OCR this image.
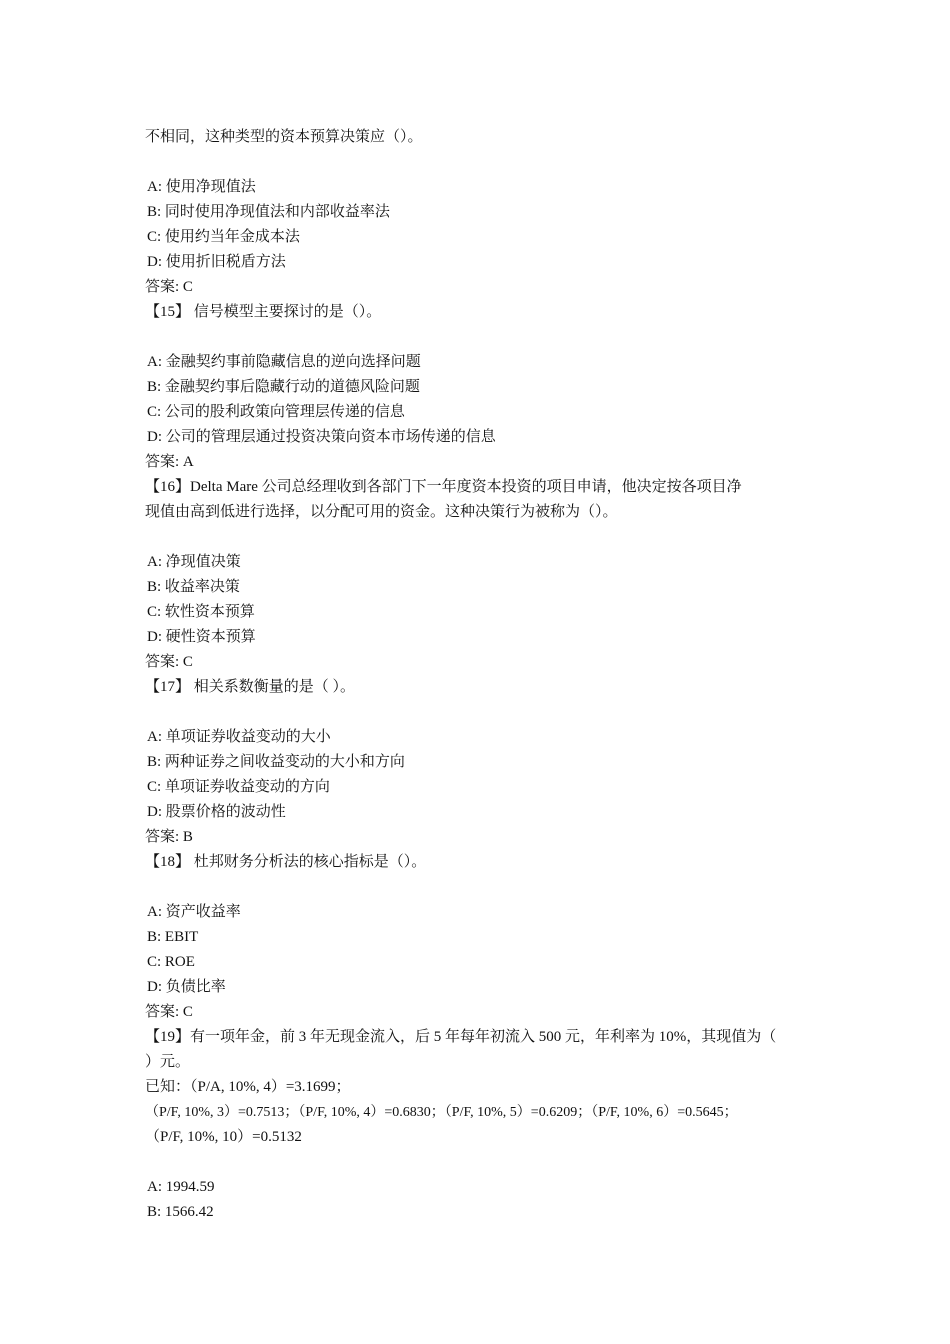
不相同，这种类型的资本预算决策应（）。
A: 使用净现值法
B: 同时使用净现值法和内部收益率法
C: 使用约当年金成本法
D: 使用折旧税盾方法
答案: C
【15】 信号模型主要探讨的是（）。
A: 金融契约事前隐藏信息的逆向选择问题
B: 金融契约事后隐藏行动的道德风险问题
C: 公司的股利政策向管理层传递的信息
D: 公司的管理层通过投资决策向资本市场传递的信息
答案: A
【16】Delta Mare 公司总经理收到各部门下一年度资本投资的项目申请，他决定按各项目净
现值由高到低进行选择，以分配可用的资金。这种决策行为被称为（）。
A: 净现值决策
B: 收益率决策
C: 软性资本预算
D: 硬性资本预算
答案: C
【17】 相关系数衡量的是（ ）。
A: 单项证券收益变动的大小
B: 两种证券之间收益变动的大小和方向
C: 单项证券收益变动的方向
D: 股票价格的波动性
答案: B
【18】 杜邦财务分析法的核心指标是（）。
A: 资产收益率
B: EBIT
C: ROE
D: 负债比率
答案: C
【19】有一项年金，前 3 年无现金流入，后 5 年每年初流入 500 元，年利率为 10%，其现值为（
）元。
已知：（P/A, 10%, 4）=3.1699；
（P/F, 10%, 3）=0.7513；（P/F, 10%, 4）=0.6830；（P/F, 10%, 5）=0.6209；（P/F, 10%, 6）=0.5645；
（P/F, 10%, 10）=0.5132
A: 1994.59
B: 1566.42
